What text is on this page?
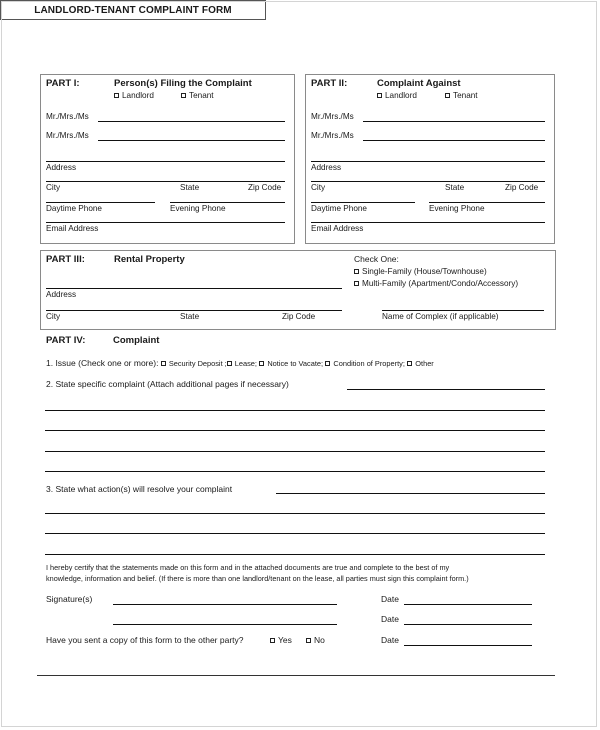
LANDLORD-TENANT COMPLAINT FORM
PART I:	Person(s) Filing the Complaint
Landlord	Tenant
Mr./Mrs./Ms
Mr./Mrs./Ms
Address
City	State	Zip Code
Daytime Phone	Evening Phone
Email Address
PART II:	Complaint Against
Landlord	Tenant
Mr./Mrs./Ms
Mr./Mrs./Ms
Address
City	State	Zip Code
Daytime Phone	Evening Phone
Email Address
PART III:	Rental Property	Check One:
Single-Family (House/Townhouse)
Multi-Family (Apartment/Condo/Accessory)
Address
City	State	Zip Code	Name of Complex (if applicable)
PART IV:	Complaint
1. Issue (Check one or more): Security Deposit ; Lease; Notice to Vacate; Condition of Property; Other
2. State specific complaint (Attach additional pages if necessary)
3. State what action(s) will resolve your complaint
I hereby certify that the statements made on this form and in the attached documents are true and complete to the best of my
knowledge, information and belief. (If there is more than one landlord/tenant on the lease, all parties must sign this complaint form.)
Signature(s)	Date
Date
Have you sent a copy of this form to the other party?	Yes	No	Date
